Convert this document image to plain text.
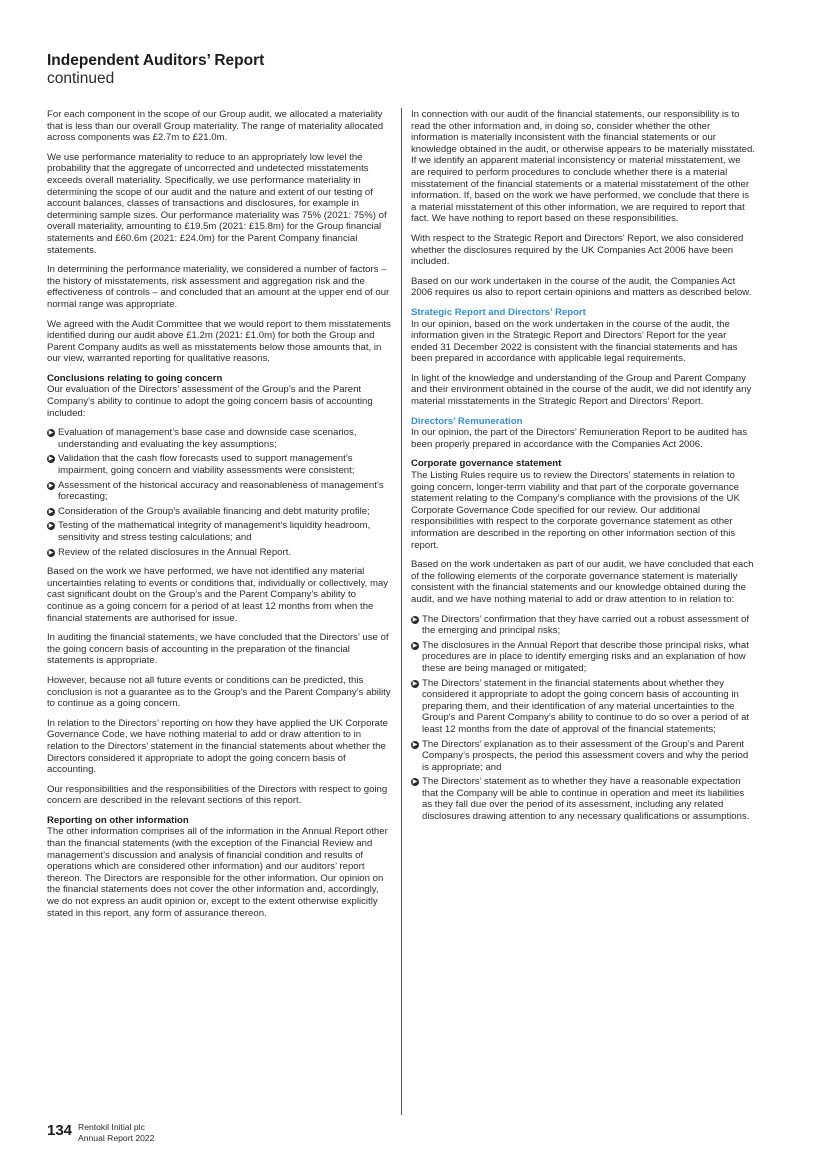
Independent Auditors’ Report
continued

For each component in the scope of our Group audit, we allocated a materiality that is less than our overall Group materiality. The range of materiality allocated across components was £2.7m to £21.0m.

We use performance materiality to reduce to an appropriately low level the probability that the aggregate of uncorrected and undetected misstatements exceeds overall materiality. Specifically, we use performance materiality in determining the scope of our audit and the nature and extent of our testing of account balances, classes of transactions and disclosures, for example in determining sample sizes. Our performance materiality was 75% (2021: 75%) of overall materiality, amounting to £19.5m (2021: £15.8m) for the Group financial statements and £60.6m (2021: £24.0m) for the Parent Company financial statements.

In determining the performance materiality, we considered a number of factors – the history of misstatements, risk assessment and aggregation risk and the effectiveness of controls – and concluded that an amount at the upper end of our normal range was appropriate.

We agreed with the Audit Committee that we would report to them misstatements identified during our audit above £1.2m (2021: £1.0m) for both the Group and Parent Company audits as well as misstatements below those amounts that, in our view, warranted reporting for qualitative reasons.

Conclusions relating to going concern

Our evaluation of the Directors’ assessment of the Group’s and the Parent Company’s ability to continue to adopt the going concern basis of accounting included:

▶ Evaluation of management’s base case and downside case scenarios, understanding and evaluating the key assumptions;
▶ Validation that the cash flow forecasts used to support management’s impairment, going concern and viability assessments were consistent;
▶ Assessment of the historical accuracy and reasonableness of management’s forecasting;
▶ Consideration of the Group’s available financing and debt maturity profile;
▶ Testing of the mathematical integrity of management’s liquidity headroom, sensitivity and stress testing calculations; and
▶ Review of the related disclosures in the Annual Report.

Based on the work we have performed, we have not identified any material uncertainties relating to events or conditions that, individually or collectively, may cast significant doubt on the Group’s and the Parent Company’s ability to continue as a going concern for a period of at least 12 months from when the financial statements are authorised for issue.

In auditing the financial statements, we have concluded that the Directors’ use of the going concern basis of accounting in the preparation of the financial statements is appropriate.

However, because not all future events or conditions can be predicted, this conclusion is not a guarantee as to the Group’s and the Parent Company’s ability to continue as a going concern.

In relation to the Directors’ reporting on how they have applied the UK Corporate Governance Code, we have nothing material to add or draw attention to in relation to the Directors’ statement in the financial statements about whether the Directors considered it appropriate to adopt the going concern basis of accounting.

Our responsibilities and the responsibilities of the Directors with respect to going concern are described in the relevant sections of this report.

Reporting on other information

The other information comprises all of the information in the Annual Report other than the financial statements (with the exception of the Financial Review and management’s discussion and analysis of financial condition and results of operations which are considered other information) and our auditors’ report thereon. The Directors are responsible for the other information. Our opinion on the financial statements does not cover the other information and, accordingly, we do not express an audit opinion or, except to the extent otherwise explicitly stated in this report, any form of assurance thereon.

In connection with our audit of the financial statements, our responsibility is to read the other information and, in doing so, consider whether the other information is materially inconsistent with the financial statements or our knowledge obtained in the audit, or otherwise appears to be materially misstated. If we identify an apparent material inconsistency or material misstatement, we are required to perform procedures to conclude whether there is a material misstatement of the financial statements or a material misstatement of the other information. If, based on the work we have performed, we conclude that there is a material misstatement of this other information, we are required to report that fact. We have nothing to report based on these responsibilities.

With respect to the Strategic Report and Directors’ Report, we also considered whether the disclosures required by the UK Companies Act 2006 have been included.

Based on our work undertaken in the course of the audit, the Companies Act 2006 requires us also to report certain opinions and matters as described below.

Strategic Report and Directors’ Report

In our opinion, based on the work undertaken in the course of the audit, the information given in the Strategic Report and Directors’ Report for the year ended 31 December 2022 is consistent with the financial statements and has been prepared in accordance with applicable legal requirements.

In light of the knowledge and understanding of the Group and Parent Company and their environment obtained in the course of the audit, we did not identify any material misstatements in the Strategic Report and Directors’ Report.

Directors’ Remuneration

In our opinion, the part of the Directors’ Remuneration Report to be audited has been properly prepared in accordance with the Companies Act 2006.

Corporate governance statement

The Listing Rules require us to review the Directors’ statements in relation to going concern, longer-term viability and that part of the corporate governance statement relating to the Company’s compliance with the provisions of the UK Corporate Governance Code specified for our review. Our additional responsibilities with respect to the corporate governance statement as other information are described in the reporting on other information section of this report.

Based on the work undertaken as part of our audit, we have concluded that each of the following elements of the corporate governance statement is materially consistent with the financial statements and our knowledge obtained during the audit, and we have nothing material to add or draw attention to in relation to:

▶ The Directors’ confirmation that they have carried out a robust assessment of the emerging and principal risks;
▶ The disclosures in the Annual Report that describe those principal risks, what procedures are in place to identify emerging risks and an explanation of how these are being managed or mitigated;
▶ The Directors’ statement in the financial statements about whether they considered it appropriate to adopt the going concern basis of accounting in preparing them, and their identification of any material uncertainties to the Group’s and Parent Company’s ability to continue to do so over a period of at least 12 months from the date of approval of the financial statements;
▶ The Directors’ explanation as to their assessment of the Group’s and Parent Company’s prospects, the period this assessment covers and why the period is appropriate; and
▶ The Directors’ statement as to whether they have a reasonable expectation that the Company will be able to continue in operation and meet its liabilities as they fall due over the period of its assessment, including any related disclosures drawing attention to any necessary qualifications or assumptions.
134 Rentokil Initial plc
Annual Report 2022
